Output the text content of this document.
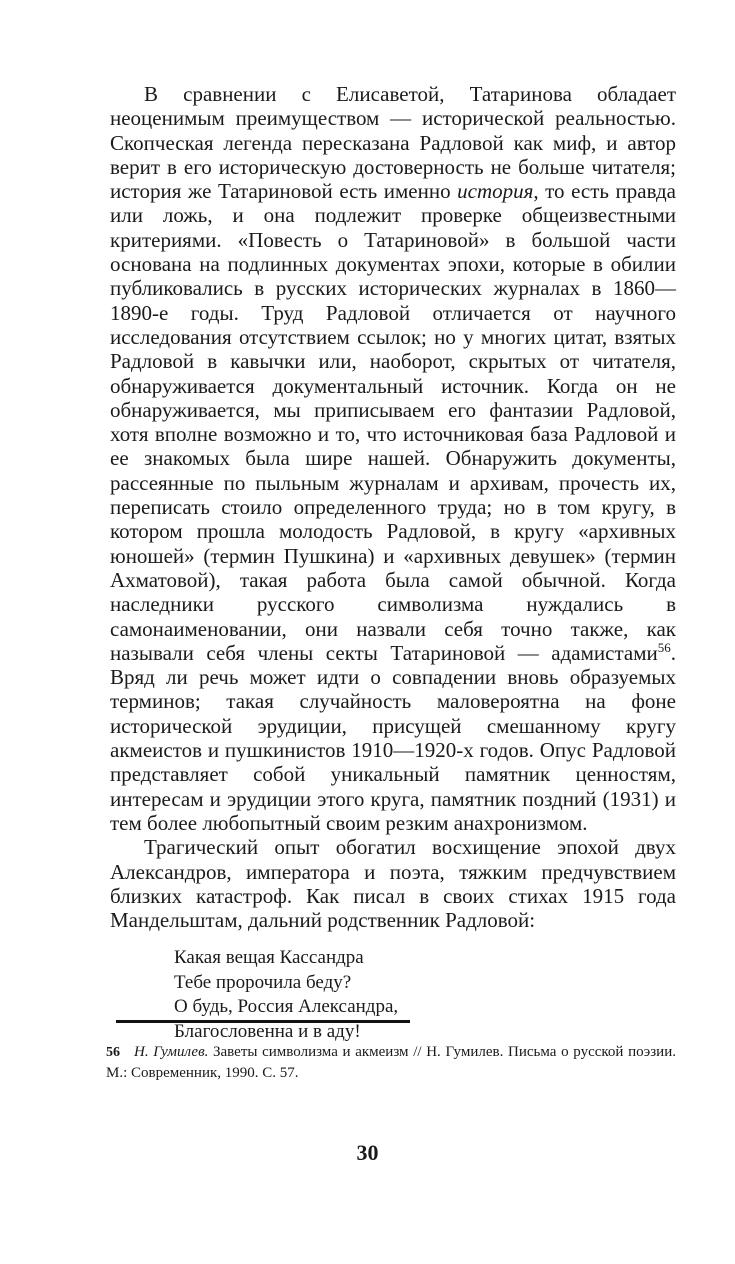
В сравнении с Елисаветой, Татаринова обладает неоценимым преимуществом — исторической реальностью. Скопческая легенда пересказана Радловой как миф, и автор верит в его историческую достоверность не больше читателя; история же Татариновой есть именно история, то есть правда или ложь, и она подлежит проверке общеизвестными критериями. «Повесть о Татариновой» в большой части основана на подлинных документах эпохи, которые в обилии публиковались в русских исторических журналах в 1860—1890-е годы. Труд Радловой отличается от научного исследования отсутствием ссылок; но у многих цитат, взятых Радловой в кавычки или, наоборот, скрытых от читателя, обнаруживается документальный источник. Когда он не обнаруживается, мы приписываем его фантазии Радловой, хотя вполне возможно и то, что источниковая база Радловой и ее знакомых была шире нашей. Обнаружить документы, рассеянные по пыльным журналам и архивам, прочесть их, переписать стоило определенного труда; но в том кругу, в котором прошла молодость Радловой, в кругу «архивных юношей» (термин Пушкина) и «архивных девушек» (термин Ахматовой), такая работа была самой обычной. Когда наследники русского символизма нуждались в самонаименовании, они назвали себя точно также, как называли себя члены секты Татариновой — адамистами$^{56}$. Вряд ли речь может идти о совпадении вновь образуемых терминов; такая случайность маловероятна на фоне исторической эрудиции, присущей смешанному кругу акмеистов и пушкинистов 1910—1920-х годов. Опус Радловой представляет собой уникальный памятник ценностям, интересам и эрудиции этого круга, памятник поздний (1931) и тем более любопытный своим резким анахронизмом.

Трагический опыт обогатил восхищение эпохой двух Александров, императора и поэта, тяжким предчувствием близких катастроф. Как писал в своих стихах 1915 года Мандельштам, дальний родственник Радловой:

Какая вещая Кассандра
Тебе пророчила беду?
О будь, Россия Александра,
Благословенна и в аду!
56 Н. Гумилев. Заветы символизма и акмеизм // Н. Гумилев. Письма о русской поэзии. М.: Современник, 1990. С. 57.
30
